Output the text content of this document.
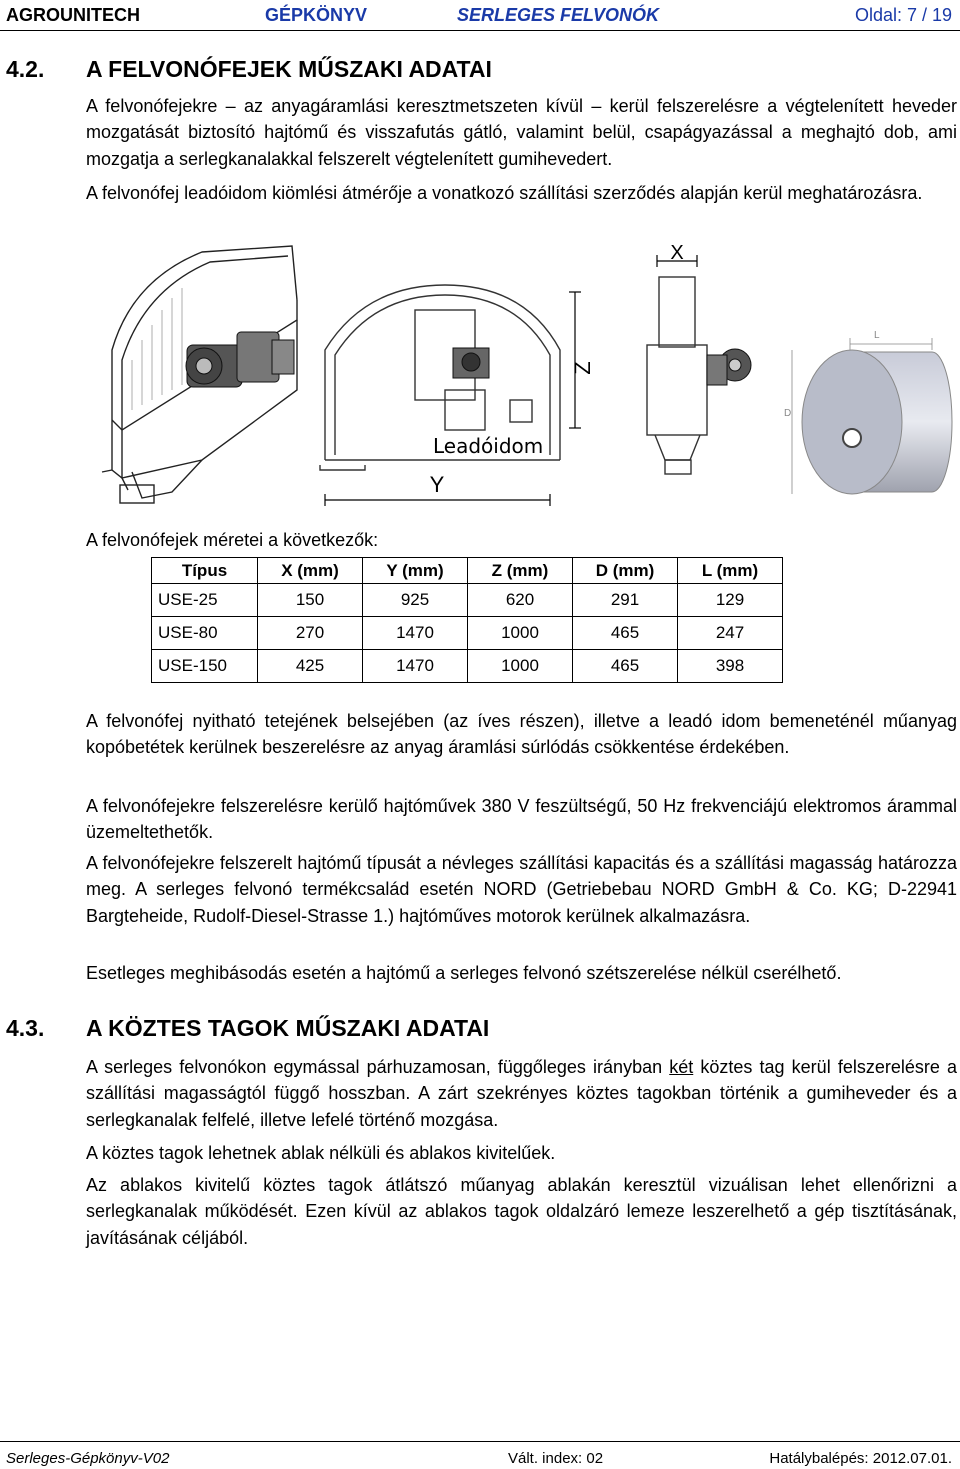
AGROUNITECH	GÉPKÖNYV	SERLEGES FELVONÓK	Oldal: 7 / 19
4.2. A FELVONÓFEJEK MŰSZAKI ADATAI
A felvonófejekre – az anyagáramlási keresztmetszeten kívül – kerül felszerelésre a végtelenített heveder mozgatását biztosító hajtómű és visszafutás gátló, valamint belül, csapágyazással a meghajtó dob, ami mozgatja a serlegkanalakkal felszerelt végtelenített gumihevedert.
A felvonófej leadóidom kiömlési átmérője a vonatkozó szállítási szerződés alapján kerül meghatározásra.
Z
Y
Leadóidom
X
L
D
A felvonófejek méretei a következők:
Típus	X (mm)	Y (mm)	Z (mm)	D (mm)	L (mm)
USE-25	150	925	620	291	129
USE-80	270	1470	1000	465	247
USE-150	425	1470	1000	465	398
A felvonófej nyitható tetejének belsejében (az íves részen), illetve a leadó idom bemeneténél műanyag kopóbetétek kerülnek beszerelésre az anyag áramlási súrlódás csökkentése érdekében.
A felvonófejekre felszerelésre kerülő hajtóművek 380 V feszültségű, 50 Hz frekvenciájú elektromos árammal üzemeltethetők.
A felvonófejekre felszerelt hajtómű típusát a névleges szállítási kapacitás és a szállítási magasság határozza meg. A serleges felvonó termékcsalád esetén NORD (Getriebebau NORD GmbH & Co. KG; D-22941 Bargteheide, Rudolf-Diesel-Strasse 1.) hajtóműves motorok kerülnek alkalmazásra.
Esetleges meghibásodás esetén a hajtómű a serleges felvonó szétszerelése nélkül cserélhető.
4.3. A KÖZTES TAGOK MŰSZAKI ADATAI
A serleges felvonókon egymással párhuzamosan, függőleges irányban két köztes tag kerül felszerelésre a szállítási magasságtól függő hosszban. A zárt szekrényes köztes tagokban történik a gumiheveder és a serlegkanalak felfelé, illetve lefelé történő mozgása.
A köztes tagok lehetnek ablak nélküli és ablakos kivitelűek.
Az ablakos kivitelű köztes tagok átlátszó műanyag ablakán keresztül vizuálisan lehet ellenőrizni a serlegkanalak működését. Ezen kívül az ablakos tagok oldalzáró lemeze leszerelhető a gép tisztításának, javításának céljából.
Serleges-Gépkönyv-V02	Vált. index: 02	Hatálybalépés: 2012.07.01.
